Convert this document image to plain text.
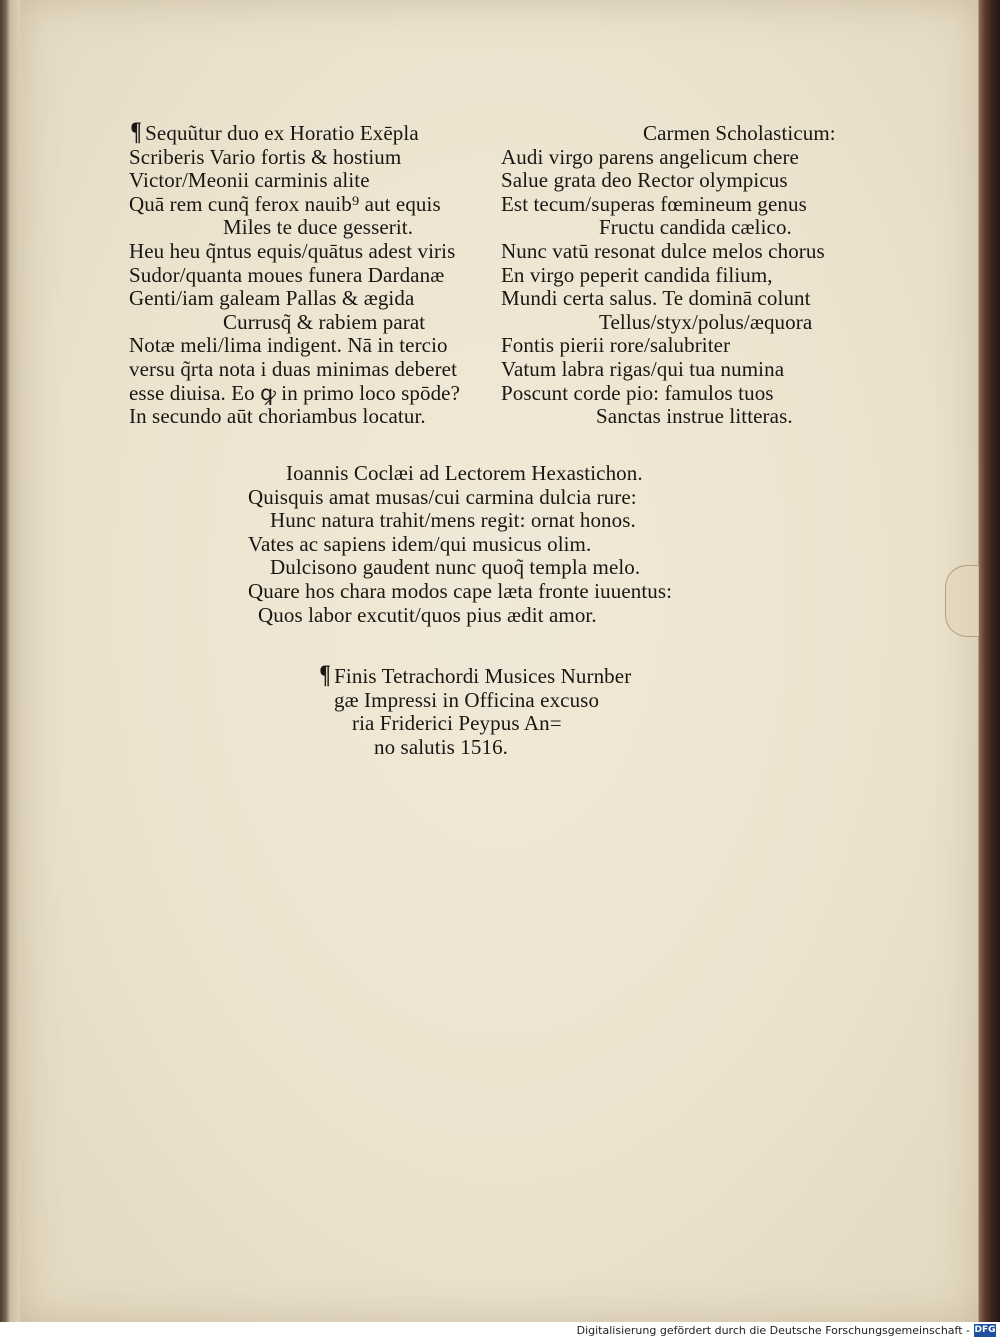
¶ Sequũtur duo ex Horatio Exēpla
Scriberis Vario fortis & hostium
Victor/Meonii carminis alite
Quā rem cunq̃ ferox nauib⁹ aut equis
Miles te duce gesserit.
Heu heu q̃ntus equis/quātus adest viris
Sudor/quanta moues funera Dardanæ
Genti/iam galeam Pallas & ægida
Currusq̃ & rabiem parat
Notæ meli/lima indigent. Nā in tercio
versu q̃rta nota i duas minimas deberet
esse diuisa. Eo ꝙ in primo loco spōde?
In secundo aūt choriambus locatur.
Carmen Scholasticum:
Audi virgo parens angelicum chere
Salue grata deo Rector olympicus
Est tecum/superas fœmineum genus
Fructu candida cælico.
Nunc vatū resonat dulce melos chorus
En virgo peperit candida filium,
Mundi certa salus. Te dominā colunt
Tellus/styx/polus/æquora
Fontis pierii rore/salubriter
Vatum labra rigas/qui tua numina
Poscunt corde pio: famulos tuos
Sanctas instrue litteras.
Ioannis Coclæi ad Lectorem Hexastichon.
Quisquis amat musas/cui carmina dulcia rure:
Hunc natura trahit/mens regit: ornat honos.
Vates ac sapiens idem/qui musicus olim.
Dulcisono gaudent nunc quoq̃ templa melo.
Quare hos chara modos cape læta fronte iuuentus:
Quos labor excutit/quos pius ædit amor.
¶ Finis Tetrachordi Musices Nurnber
gæ Impressi in Officina excuso
ria Friderici Peypus An=
no salutis 1516.
Digitalisierung gefördert durch die Deutsche Forschungsgemeinschaft - DFG
